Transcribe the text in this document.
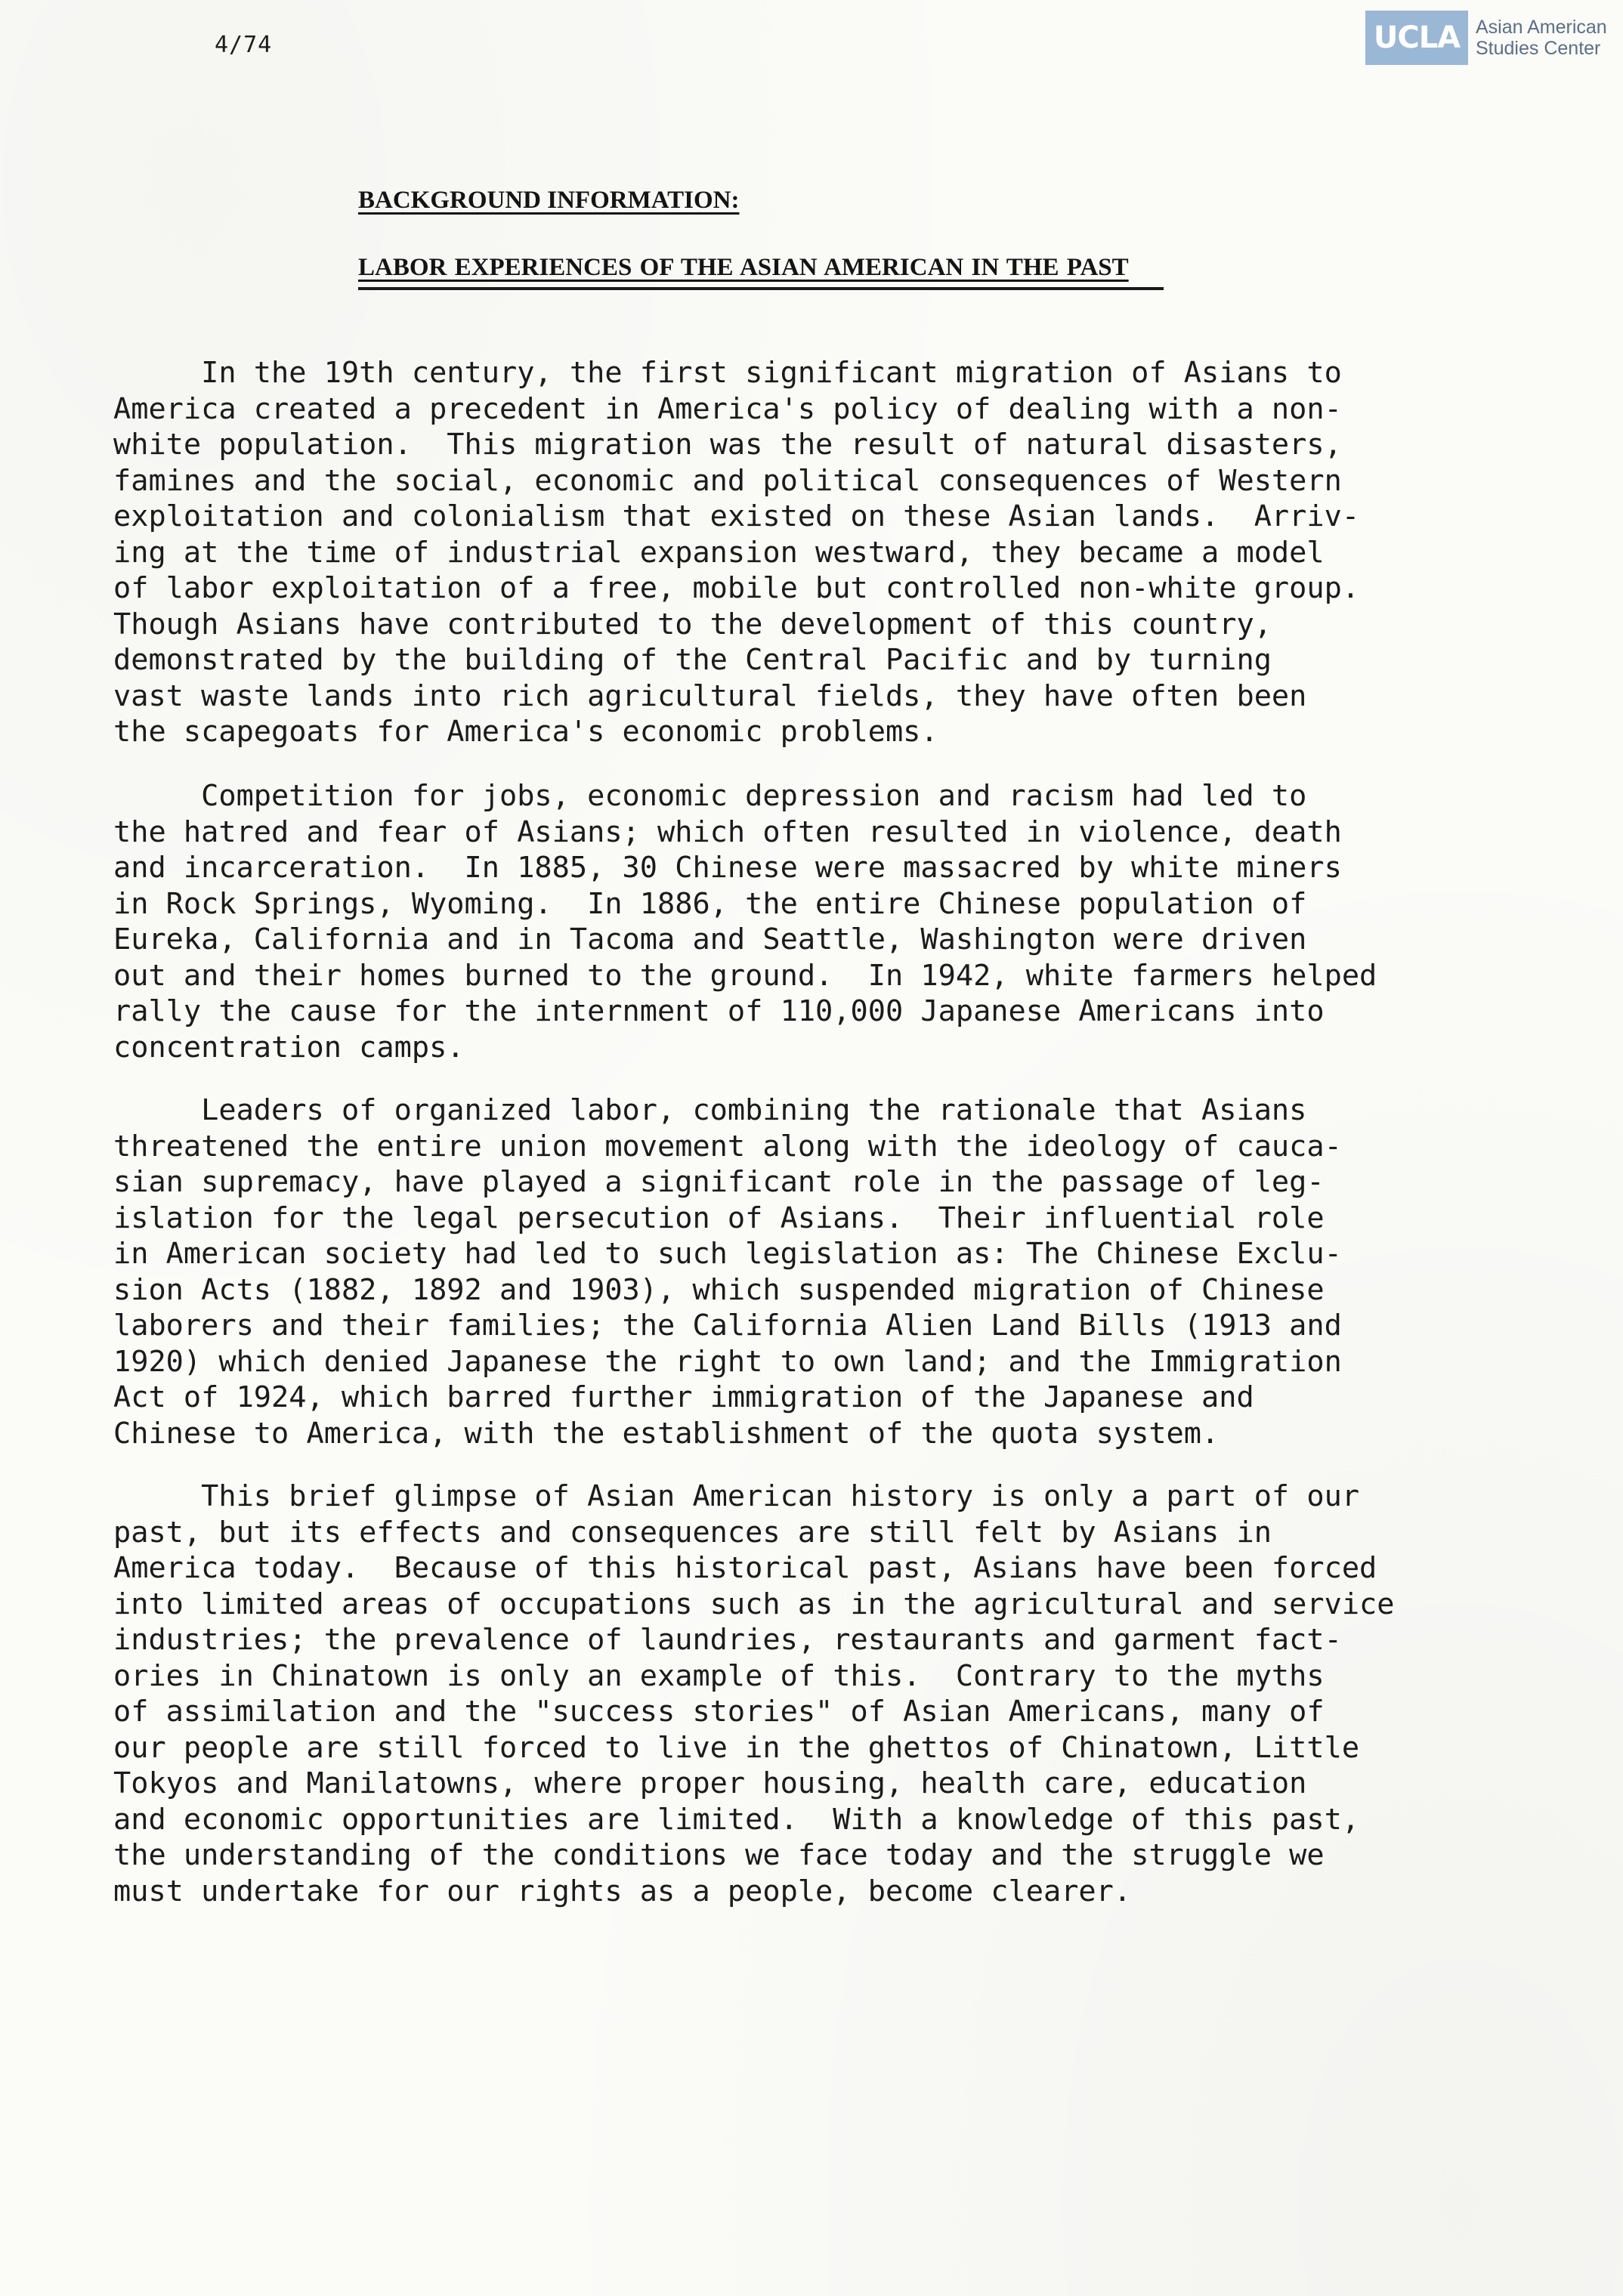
4/74	UCLA Asian American
Studies Center
BACKGROUND INFORMATION:
LABOR EXPERIENCES OF THE ASIAN AMERICAN IN THE PAST
In the 19th century, the first significant migration of Asians to
America created a precedent in America's policy of dealing with a non-
white population.  This migration was the result of natural disasters,
famines and the social, economic and political consequences of Western
exploitation and colonialism that existed on these Asian lands.  Arriv-
ing at the time of industrial expansion westward, they became a model
of labor exploitation of a free, mobile but controlled non-white group.
Though Asians have contributed to the development of this country,
demonstrated by the building of the Central Pacific and by turning
vast waste lands into rich agricultural fields, they have often been
the scapegoats for America's economic problems.
Competition for jobs, economic depression and racism had led to
the hatred and fear of Asians; which often resulted in violence, death
and incarceration.  In 1885, 30 Chinese were massacred by white miners
in Rock Springs, Wyoming.  In 1886, the entire Chinese population of
Eureka, California and in Tacoma and Seattle, Washington were driven
out and their homes burned to the ground.  In 1942, white farmers helped
rally the cause for the internment of 110,000 Japanese Americans into
concentration camps.
Leaders of organized labor, combining the rationale that Asians
threatened the entire union movement along with the ideology of cauca-
sian supremacy, have played a significant role in the passage of leg-
islation for the legal persecution of Asians.  Their influential role
in American society had led to such legislation as: The Chinese Exclu-
sion Acts (1882, 1892 and 1903), which suspended migration of Chinese
laborers and their families; the California Alien Land Bills (1913 and
1920) which denied Japanese the right to own land; and the Immigration
Act of 1924, which barred further immigration of the Japanese and
Chinese to America, with the establishment of the quota system.
This brief glimpse of Asian American history is only a part of our
past, but its effects and consequences are still felt by Asians in
America today.  Because of this historical past, Asians have been forced
into limited areas of occupations such as in the agricultural and service
industries; the prevalence of laundries, restaurants and garment fact-
ories in Chinatown is only an example of this.  Contrary to the myths
of assimilation and the "success stories" of Asian Americans, many of
our people are still forced to live in the ghettos of Chinatown, Little
Tokyos and Manilatowns, where proper housing, health care, education
and economic opportunities are limited.  With a knowledge of this past,
the understanding of the conditions we face today and the struggle we
must undertake for our rights as a people, become clearer.
